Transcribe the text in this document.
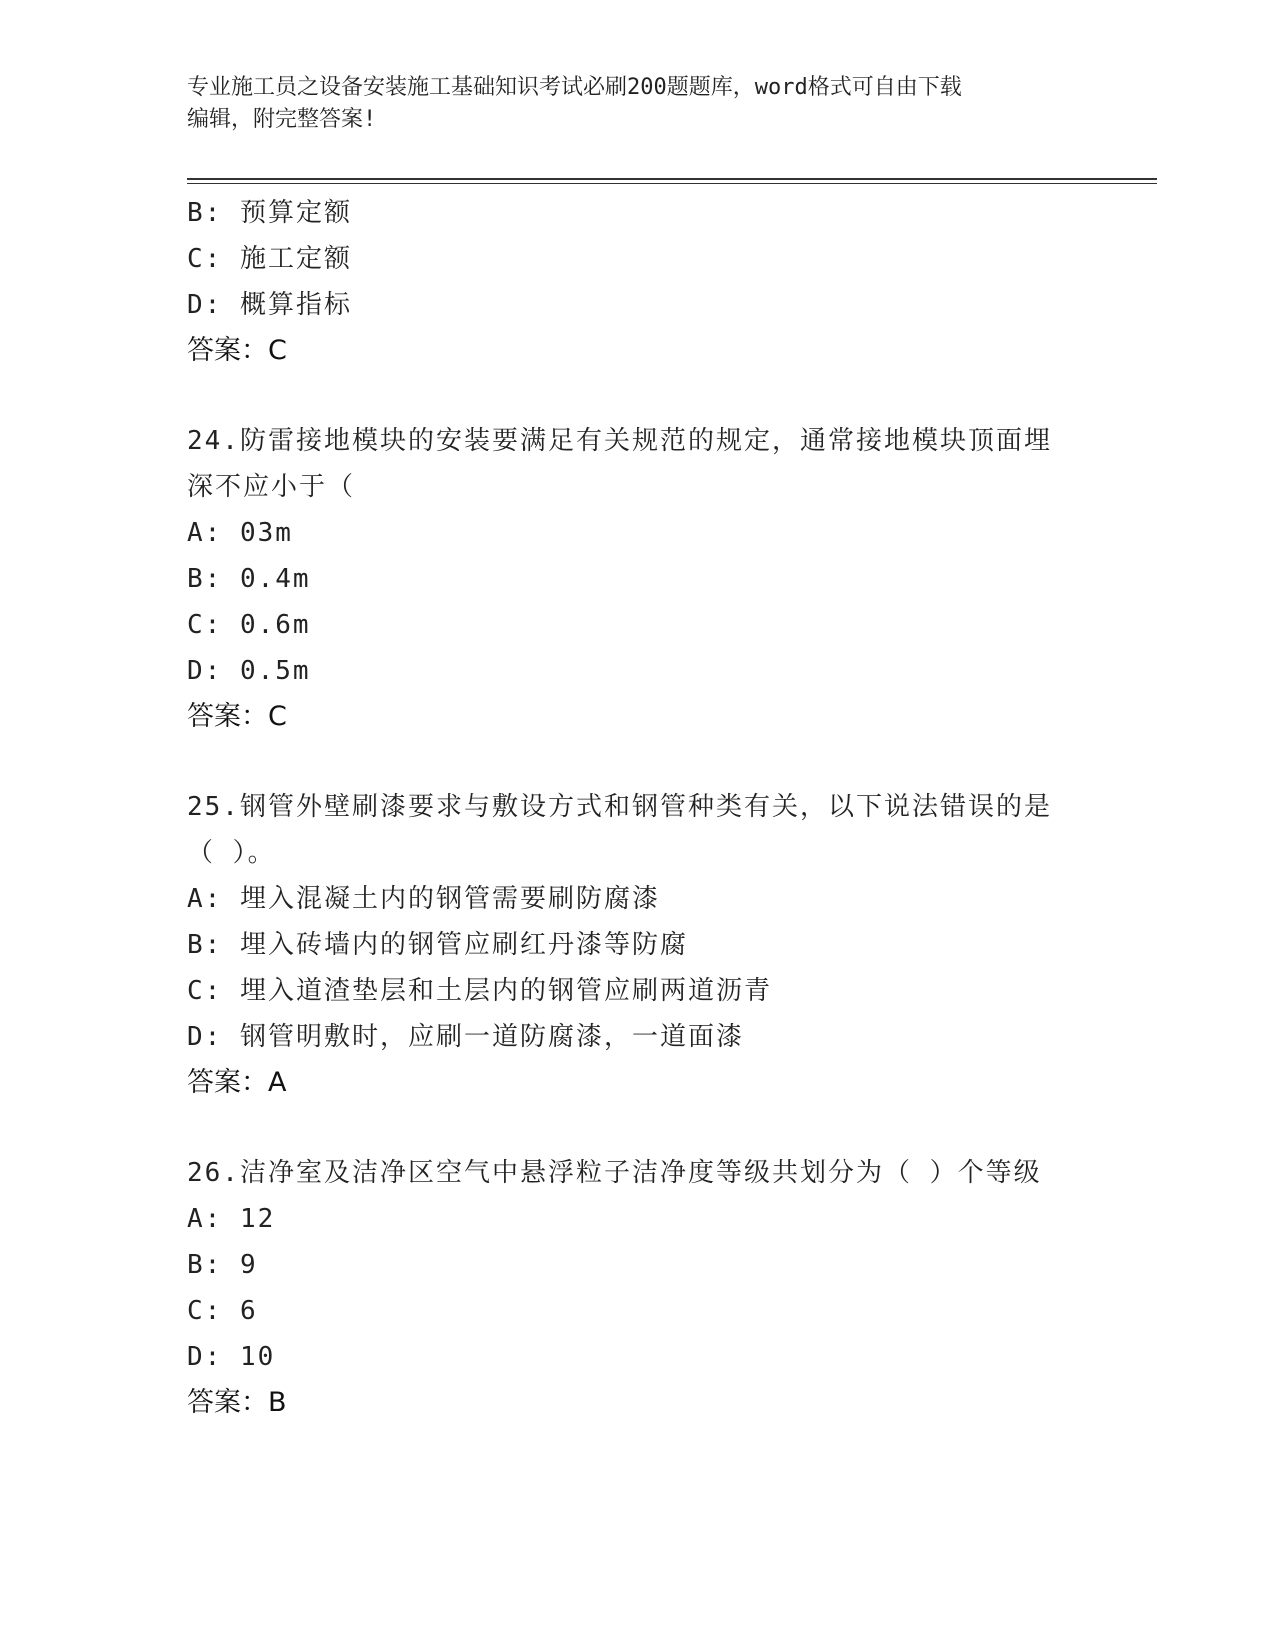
专业施工员之设备安装施工基础知识考试必刷200题题库，word格式可自由下载
编辑，附完整答案!
B: 预算定额
C: 施工定额
D: 概算指标
答案：C
24.防雷接地模块的安装要满足有关规范的规定，通常接地模块顶面埋
深不应小于（
A: 03m
B: 0.4m
C: 0.6m
D: 0.5m
答案：C
25.钢管外壁刷漆要求与敷设方式和钢管种类有关，以下说法错误的是
（ ）。
A: 埋入混凝土内的钢管需要刷防腐漆
B: 埋入砖墙内的钢管应刷红丹漆等防腐
C: 埋入道渣垫层和土层内的钢管应刷两道沥青
D: 钢管明敷时，应刷一道防腐漆，一道面漆
答案：A
26.洁净室及洁净区空气中悬浮粒子洁净度等级共划分为（ ）个等级
A: 12
B: 9
C: 6
D: 10
答案：B
